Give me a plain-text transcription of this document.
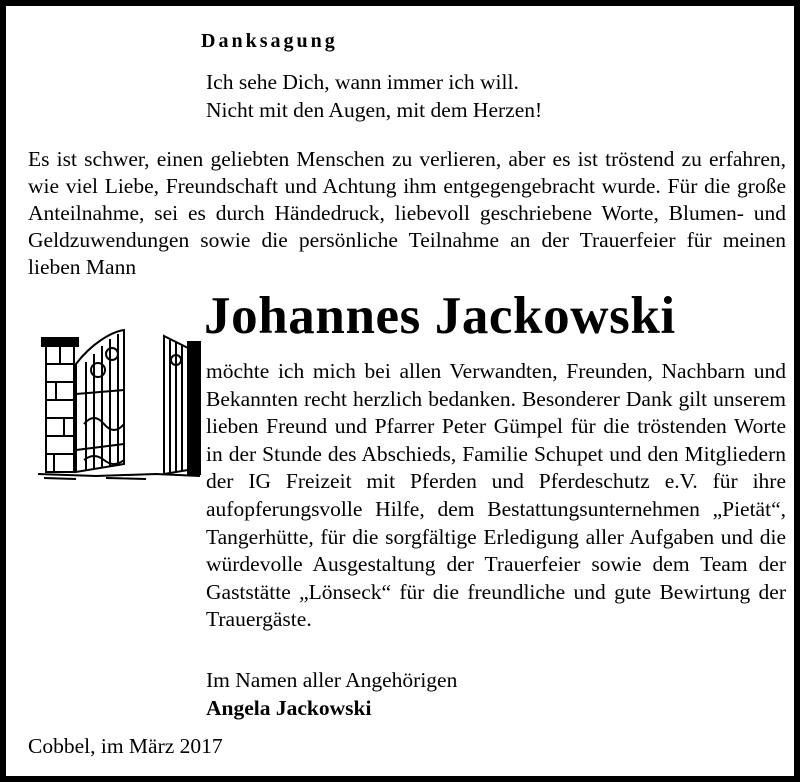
Danksagung
Ich sehe Dich, wann immer ich will.
Nicht mit den Augen, mit dem Herzen!
Es ist schwer, einen geliebten Menschen zu verlieren, aber es ist tröstend zu erfahren, wie viel Liebe, Freundschaft und Achtung ihm entgegengebracht wurde. Für die große Anteilnahme, sei es durch Händedruck, liebevoll geschriebene Worte, Blumen- und Geldzuwendungen sowie die persönliche Teilnahme an der Trauerfeier für meinen lieben Mann
Johannes Jackowski
möchte ich mich bei allen Verwandten, Freunden, Nachbarn und Bekannten recht herzlich bedanken. Besonderer Dank gilt unserem lieben Freund und Pfarrer Peter Gümpel für die tröstenden Worte in der Stunde des Abschieds, Familie Schupet und den Mitgliedern der IG Freizeit mit Pferden und Pferdeschutz e.V. für ihre aufopferungsvolle Hilfe, dem Bestattungsunternehmen „Pietät“, Tangerhütte, für die sorgfältige Erledigung aller Aufgaben und die würdevolle Ausgestaltung der Trauerfeier sowie dem Team der Gaststätte „Lönseck“ für die freundliche und gute Bewirtung der Trauergäste.
Im Namen aller Angehörigen
Angela Jackowski
Cobbel, im März 2017
